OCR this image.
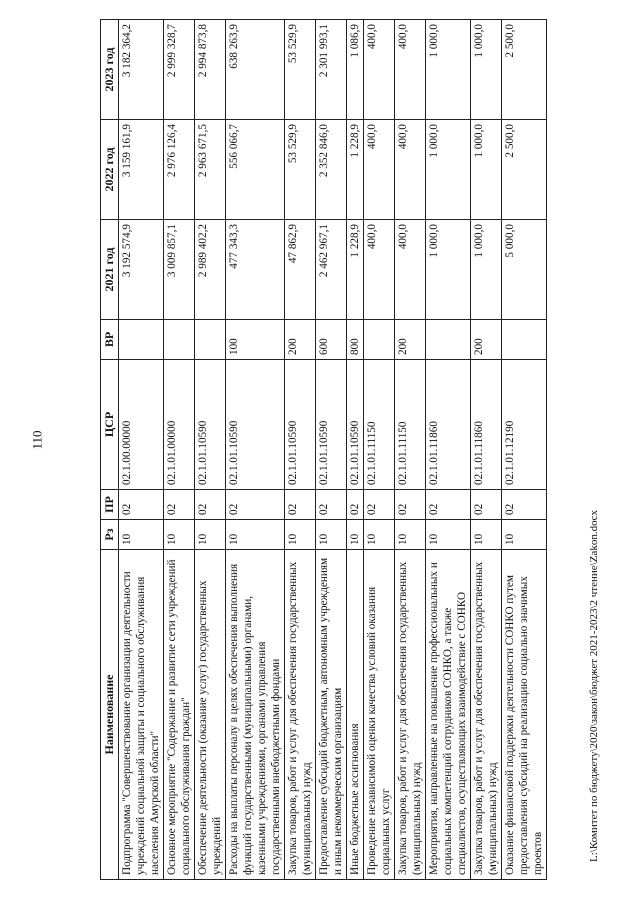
110
Наименование	Рз	ПР	ЦСР	ВР	2021 год	2022 год	2023 год
Подпрограмма "Совершенствование организации деятельности учреждений социальной защиты и социального обслуживания населения Амурской области"	10	02	02.1.00.00000		3 192 574,9	3 159 161,9	3 182 364,2
Основное мероприятие "Содержание и развитие сети учреждений социального обслуживания граждан"	10	02	02.1.01.00000		3 009 857,1	2 976 126,4	2 999 328,7
Обеспечение деятельности (оказание услуг) государственных учреждений	10	02	02.1.01.10590		2 989 402,2	2 963 671,5	2 994 873,8
Расходы на выплаты персоналу в целях обеспечения выполнения функций государственными (муниципальными) органами, казенными учреждениями, органами управления государственными внебюджетными фондами	10	02	02.1.01.10590	100	477 343,3	556 066,7	638 263,9
Закупка товаров, работ и услуг для обеспечения государственных (муниципальных) нужд	10	02	02.1.01.10590	200	47 862,9	53 529,9	53 529,9
Предоставление субсидий бюджетным, автономным учреждениям и иным некоммерческим организациям	10	02	02.1.01.10590	600	2 462 967,1	2 352 846,0	2 301 993,1
Иные бюджетные ассигнования	10	02	02.1.01.10590	800	1 228,9	1 228,9	1 086,9
Проведение независимой оценки качества условий оказания социальных услуг	10	02	02.1.01.11150		400,0	400,0	400,0
Закупка товаров, работ и услуг для обеспечения государственных (муниципальных) нужд	10	02	02.1.01.11150	200	400,0	400,0	400,0
Мероприятия, направленные на повышение профессиональных и социальных компетенций сотрудников СОНКО, а также специалистов, осуществляющих взаимодействие с СОНКО	10	02	02.1.01.11860		1 000,0	1 000,0	1 000,0
Закупка товаров, работ и услуг для обеспечения государственных (муниципальных) нужд	10	02	02.1.01.11860	200	1 000,0	1 000,0	1 000,0
Оказание финансовой поддержки деятельности СОНКО путем предоставления субсидий на реализацию социально значимых проектов	10	02	02.1.01.12190		5 000,0	2 500,0	2 500,0
L:\Комитет по бюджету\2020\закон\бюджет 2021-2023\2 чтение\Zakon.docx
